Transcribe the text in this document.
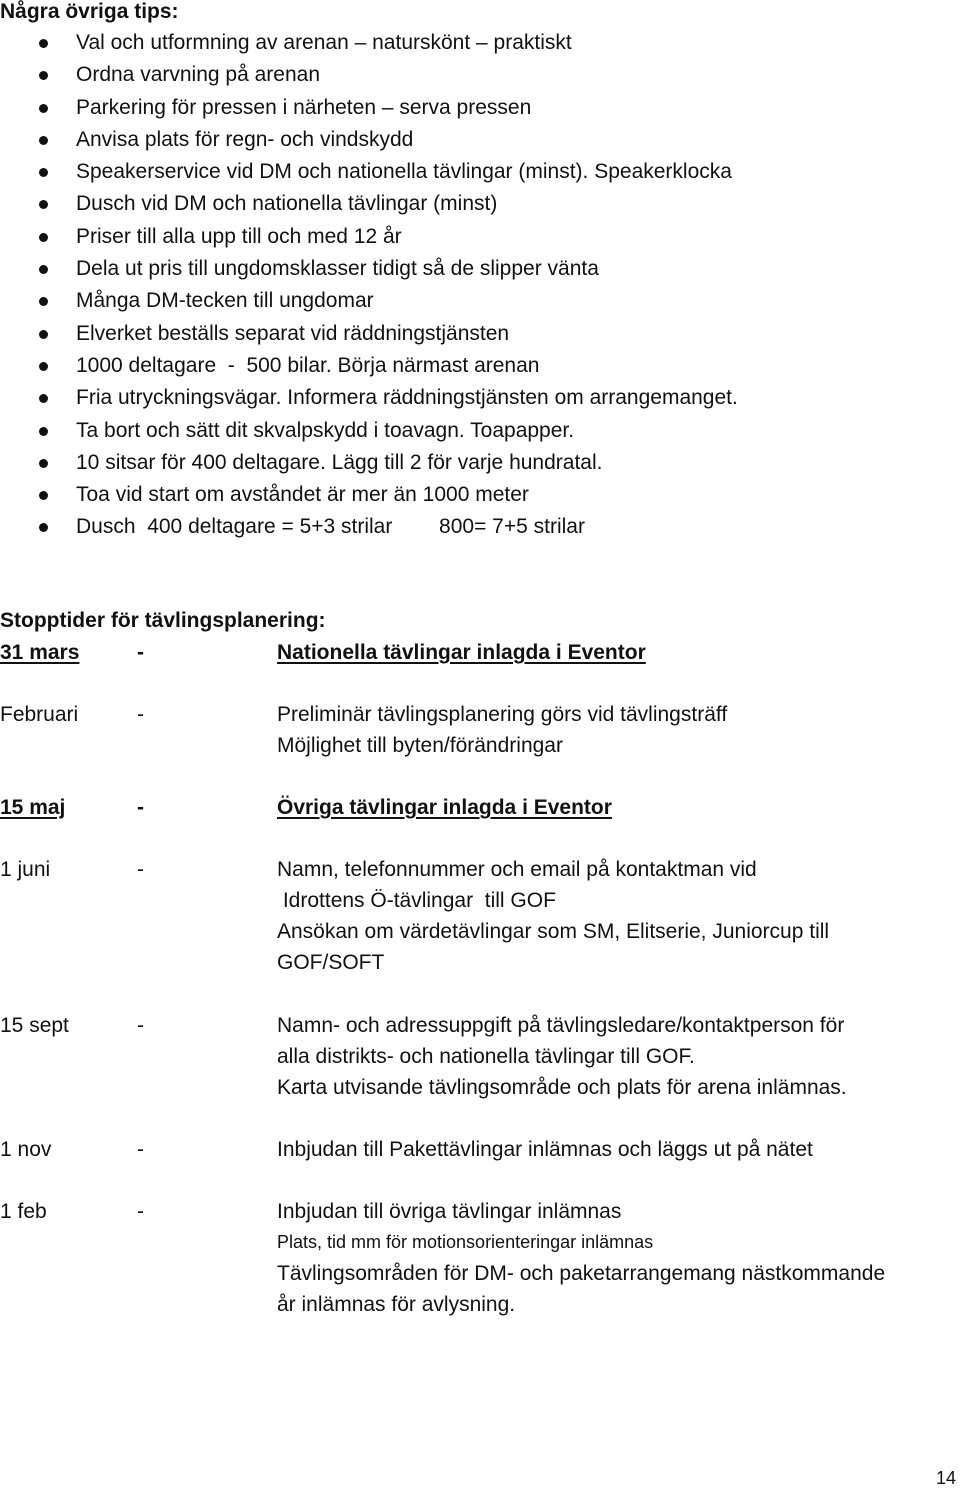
Några övriga tips:
Val och utformning av arenan – naturskönt – praktiskt
Ordna varvning på arenan
Parkering för pressen i närheten – serva pressen
Anvisa plats för regn- och vindskydd
Speakerservice vid DM och nationella tävlingar (minst). Speakerklocka
Dusch vid DM och nationella tävlingar (minst)
Priser till alla upp till och med 12 år
Dela ut pris till ungdomsklasser tidigt så de slipper vänta
Många DM-tecken till ungdomar
Elverket beställs separat vid räddningstjänsten
1000 deltagare  -  500 bilar. Börja närmast arenan
Fria utryckningsvägar. Informera räddningstjänsten om arrangemanget.
Ta bort och sätt dit skvalpskydd i toavagn. Toapapper.
10 sitsar för 400 deltagare. Lägg till 2 för varje hundratal.
Toa vid start om avståndet är mer än 1000 meter
Dusch  400 deltagare = 5+3 strilar        800= 7+5 strilar
Stopptider för tävlingsplanering:
31 mars	-	Nationella tävlingar inlagda i Eventor
Februari	-	Preliminär tävlingsplanering görs vid tävlingsträff
Möjlighet till byten/förändringar
15 maj	-	Övriga tävlingar inlagda i Eventor
1 juni	-	Namn, telefonnummer och email på kontaktman vid
Idrottens Ö-tävlingar  till GOF
Ansökan om värdetävlingar som SM, Elitserie, Juniorcup till
GOF/SOFT
15 sept	-	Namn- och adressuppgift på tävlingsledare/kontaktperson för
alla distrikts- och nationella tävlingar till GOF.
Karta utvisande tävlingsområde och plats för arena inlämnas.
1 nov	-	Inbjudan till Pakettävlingar inlämnas och läggs ut på nätet
1 feb	-	Inbjudan till övriga tävlingar inlämnas
Plats, tid mm för motionsorienteringar inlämnas
Tävlingsområden för DM- och paketarrangemang nästkommande
år inlämnas för avlysning.
14
